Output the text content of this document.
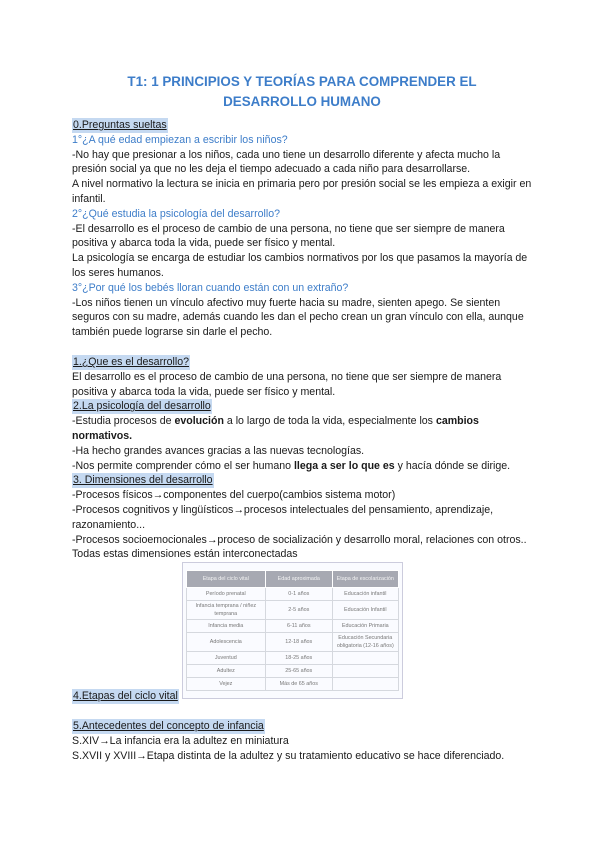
T1: 1 PRINCIPIOS Y TEORÍAS PARA COMPRENDER EL
DESARROLLO HUMANO
0.Preguntas sueltas

1°¿A qué edad empiezan a escribir los niños?

-No hay que presionar a los niños, cada uno tiene un desarrollo diferente y afecta mucho la presión social ya que no les deja el tiempo adecuado a cada niño para desarrollarse.

A nivel normativo la lectura se inicia en primaria pero por presión social se les empieza a exigir en infantil.

2°¿Qué estudia la psicología del desarrollo?

-El desarrollo es el proceso de cambio de una persona, no tiene que ser siempre de manera positiva y abarca toda la vida, puede ser físico y mental.

La psicología se encarga de estudiar los cambios normativos por los que pasamos la mayoría de los seres humanos.

3°¿Por qué los bebés lloran cuando están con un extraño?

-Los niños tienen un vínculo afectivo muy fuerte hacia su madre, sienten apego. Se sienten seguros con su madre, además cuando les dan el pecho crean un gran vínculo con ella, aunque también puede lograrse sin darle el pecho.

1.¿Que es el desarrollo?

El desarrollo es el proceso de cambio de una persona, no tiene que ser siempre de manera positiva y abarca toda la vida, puede ser físico y mental.

2.La psicología del desarrollo

-Estudia procesos de evolución a lo largo de toda la vida, especialmente los cambios normativos.

-Ha hecho grandes avances gracias a las nuevas tecnologías.

-Nos permite comprender cómo el ser humano llega a ser lo que es y hacía dónde se dirige.

3. Dimensiones del desarrollo

-Procesos físicos→componentes del cuerpo(cambios sistema motor)

-Procesos cognitivos y lingüísticos→procesos intelectuales del pensamiento, aprendizaje, razonamiento...

-Procesos socioemocionales→proceso de socialización y desarrollo moral, relaciones con otros..

Todas estas dimensiones están interconectadas

4.Etapas del ciclo vital
Etapa del ciclo vital	Edad aproximada	Etapa de escolarización
Período prenatal	0-1 años	Educación infantil
Infancia temprana / niñez temprana	2-5 años	Educación Infantil
Infancia media	6-11 años	Educación Primaria
Adolescencia	12-18 años	Educación Secundaria obligatoria (12-16 años)
Juventud	18-25 años	
Adultez	25-65 años	
Vejez	Más de 65 años	
5.Antecedentes del concepto de infancia

S.XIV→La infancia era la adultez en miniatura

S.XVII y XVIII→Etapa distinta de la adultez y su tratamiento educativo se hace diferenciado.
